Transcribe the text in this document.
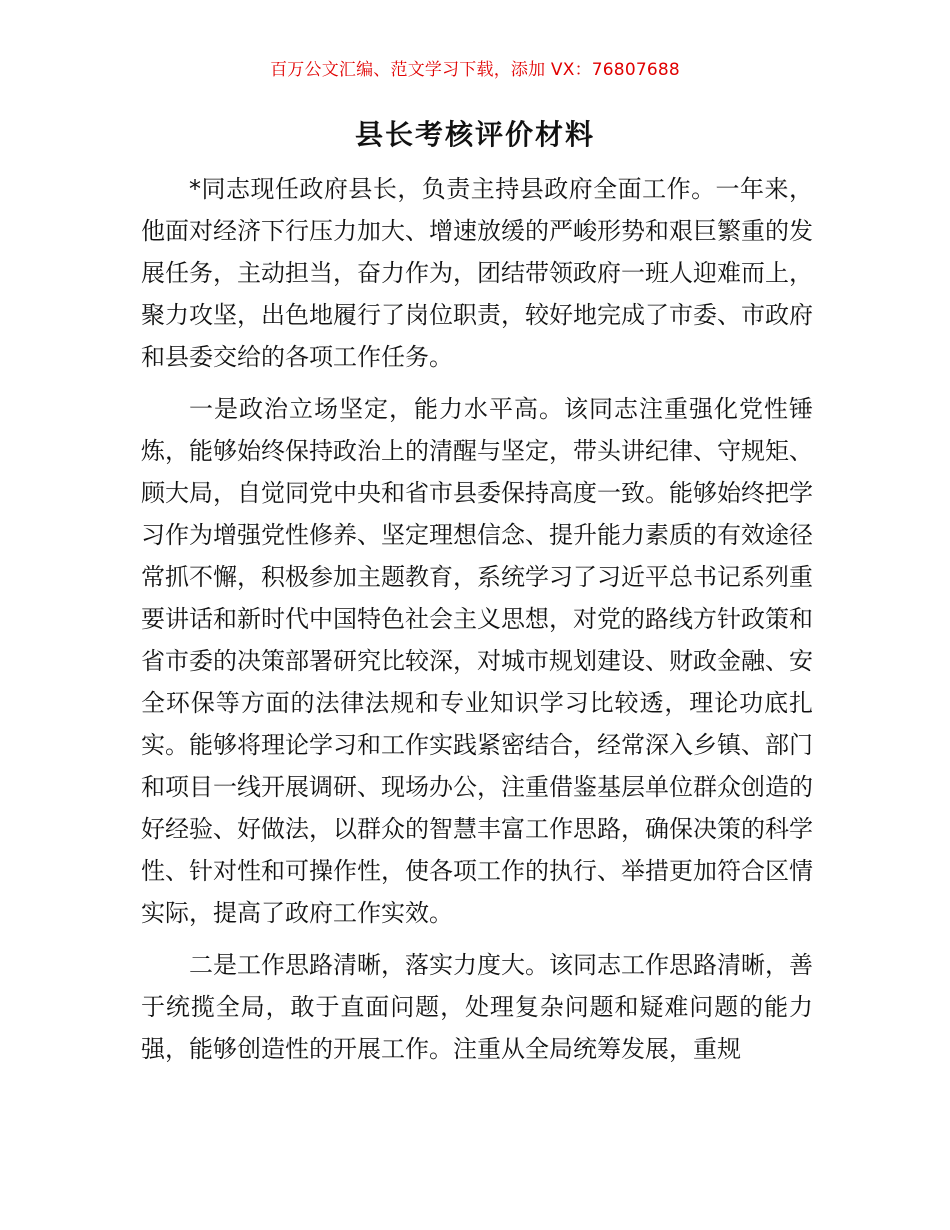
百万公文汇编、范文学习下载，添加 VX：76807688
县长考核评价材料

*同志现任政府县长，负责主持县政府全面工作。一年来，他面对经济下行压力加大、增速放缓的严峻形势和艰巨繁重的发展任务，主动担当，奋力作为，团结带领政府一班人迎难而上，聚力攻坚，出色地履行了岗位职责，较好地完成了市委、市政府和县委交给的各项工作任务。

一是政治立场坚定，能力水平高。该同志注重强化党性锤炼，能够始终保持政治上的清醒与坚定，带头讲纪律、守规矩、顾大局，自觉同党中央和省市县委保持高度一致。能够始终把学习作为增强党性修养、坚定理想信念、提升能力素质的有效途径常抓不懈，积极参加主题教育，系统学习了习近平总书记系列重要讲话和新时代中国特色社会主义思想，对党的路线方针政策和省市委的决策部署研究比较深，对城市规划建设、财政金融、安全环保等方面的法律法规和专业知识学习比较透，理论功底扎实。能够将理论学习和工作实践紧密结合，经常深入乡镇、部门和项目一线开展调研、现场办公，注重借鉴基层单位群众创造的好经验、好做法，以群众的智慧丰富工作思路，确保决策的科学性、针对性和可操作性，使各项工作的执行、举措更加符合区情实际，提高了政府工作实效。

二是工作思路清晰，落实力度大。该同志工作思路清晰，善于统揽全局，敢于直面问题，处理复杂问题和疑难问题的能力强，能够创造性的开展工作。注重从全局统筹发展，重规
